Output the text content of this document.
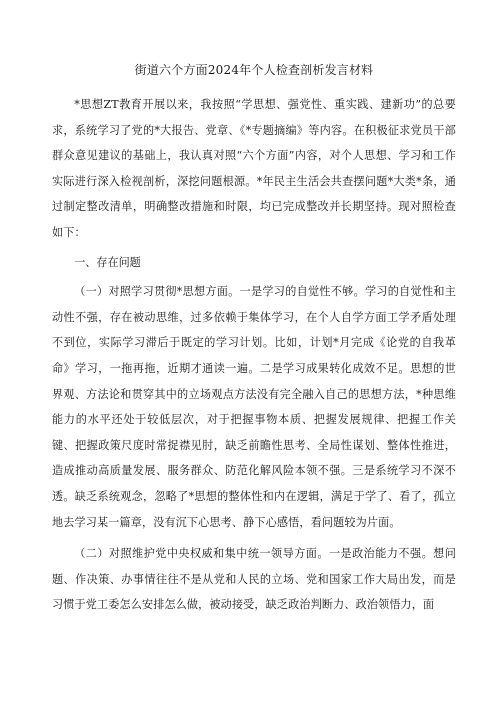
街道六个方面2024年个人检查剖析发言材料

*思想ZT教育开展以来，我按照“学思想、强党性、重实践、建新功”的总要求，系统学习了党的*大报告、党章、《*专题摘编》等内容。在积极征求党员干部群众意见建议的基础上，我认真对照“六个方面”内容，对个人思想、学习和工作实际进行深入检视剖析，深挖问题根源。*年民主生活会共查摆问题*大类*条，通过制定整改清单，明确整改措施和时限，均已完成整改并长期坚持。现对照检查如下：

一、存在问题

（一）对照学习贯彻*思想方面。一是学习的自觉性不够。学习的自觉性和主动性不强，存在被动思维，过多依赖于集体学习，在个人自学方面工学矛盾处理不到位，实际学习滞后于既定的学习计划。比如，计划*月完成《论党的自我革命》学习，一拖再拖，近期才通读一遍。二是学习成果转化成效不足。思想的世界观、方法论和贯穿其中的立场观点方法没有完全融入自己的思想方法，*种思维能力的水平还处于较低层次，对于把握事物本质、把握发展规律、把握工作关键、把握政策尺度时常捉襟见肘，缺乏前瞻性思考、全局性谋划、整体性推进，造成推动高质量发展、服务群众、防范化解风险本领不强。三是系统学习不深不透。缺乏系统观念，忽略了*思想的整体性和内在逻辑，满足于学了、看了，孤立地去学习某一篇章，没有沉下心思考、静下心感悟，看问题较为片面。

（二）对照维护党中央权威和集中统一领导方面。一是政治能力不强。想问题、作决策、办事情往往不是从党和人民的立场、党和国家工作大局出发，而是习惯于党工委怎么安排怎么做，被动接受，缺乏政治判断力、政治领悟力，面
